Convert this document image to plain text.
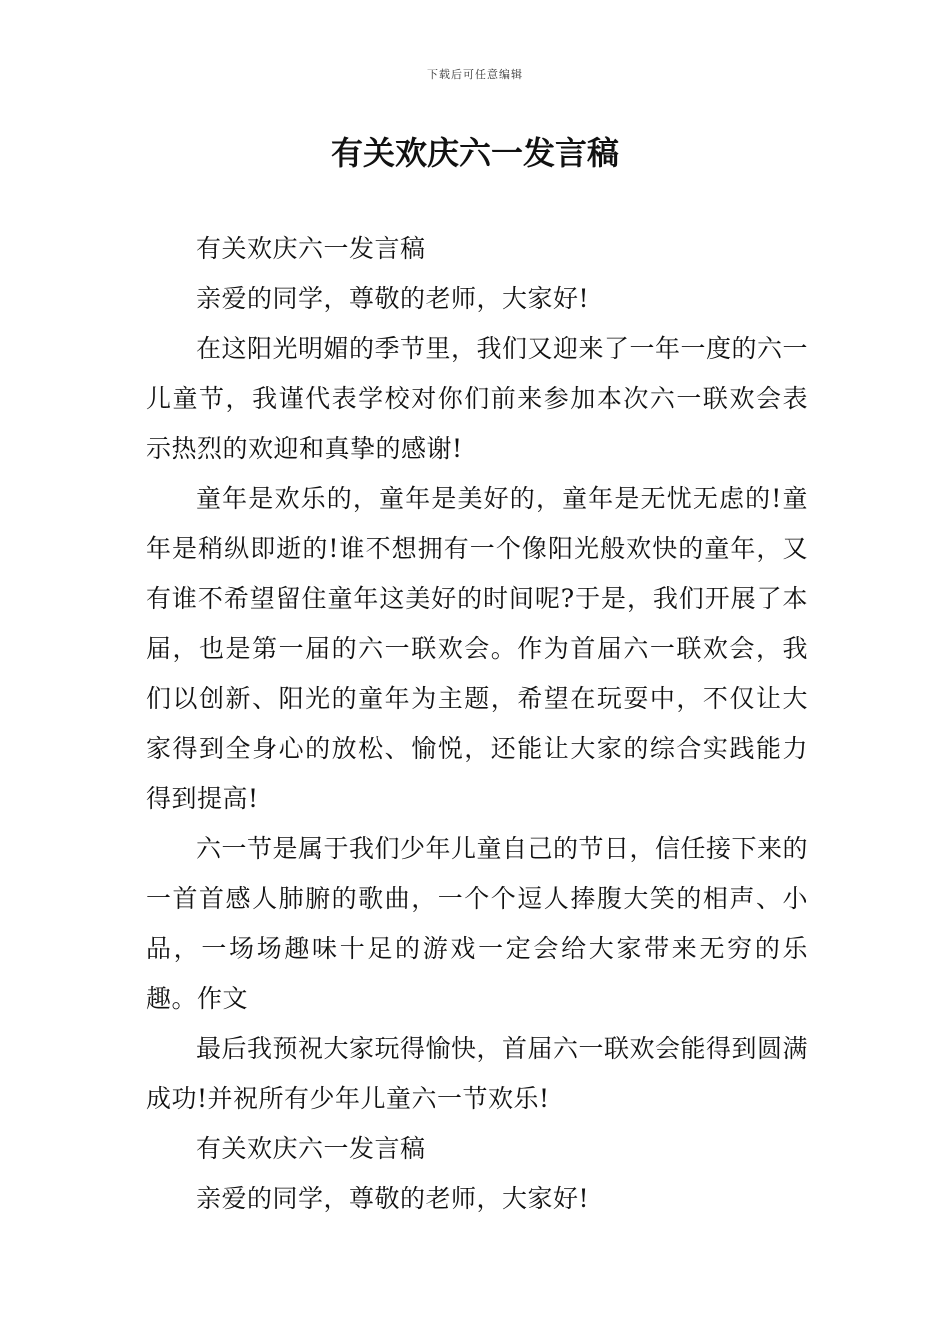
下载后可任意编辑
有关欢庆六一发言稿

有关欢庆六一发言稿

亲爱的同学，尊敬的老师，大家好!

在这阳光明媚的季节里，我们又迎来了一年一度的六一儿童节，我谨代表学校对你们前来参加本次六一联欢会表示热烈的欢迎和真挚的感谢!

童年是欢乐的，童年是美好的，童年是无忧无虑的!童年是稍纵即逝的!谁不想拥有一个像阳光般欢快的童年，又有谁不希望留住童年这美好的时间呢?于是，我们开展了本届，也是第一届的六一联欢会。作为首届六一联欢会，我们以创新、阳光的童年为主题，希望在玩耍中，不仅让大家得到全身心的放松、愉悦，还能让大家的综合实践能力得到提高!

六一节是属于我们少年儿童自己的节日，信任接下来的一首首感人肺腑的歌曲，一个个逗人捧腹大笑的相声、小品，一场场趣味十足的游戏一定会给大家带来无穷的乐趣。作文

最后我预祝大家玩得愉快，首届六一联欢会能得到圆满成功!并祝所有少年儿童六一节欢乐!

有关欢庆六一发言稿

亲爱的同学，尊敬的老师，大家好!
